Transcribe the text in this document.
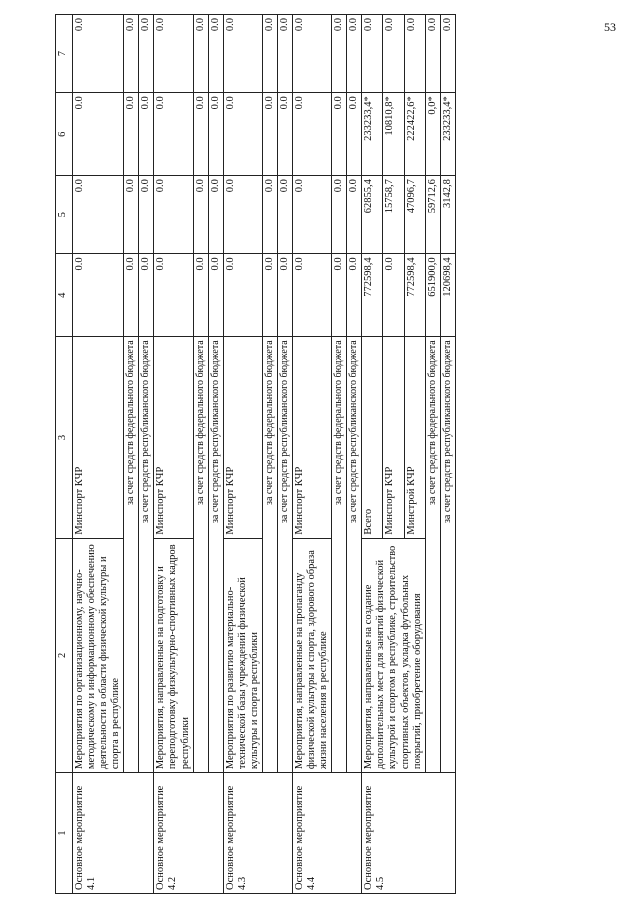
53
1	2	3	4	5	6	7
Основное мероприятие 4.1	Мероприятия по организационному, научно-методическому и информационному обеспечению деятельности в области физической культуры и спорта в республике	Минспорт КЧР	0.0	0.0	0.0	0.0
	за счет средств федерального бюджета		0.0	0.0	0.0	0.0
	за счет средств республиканского бюджета		0.0	0.0	0.0	0.0
Основное мероприятие 4.2	Мероприятия, направленные на подготовку и переподготовку физкультурно-спортивных кадров республики	Минспорт КЧР	0.0	0.0	0.0	0.0
	за счет средств федерального бюджета		0.0	0.0	0.0	0.0
	за счет средств республиканского бюджета		0.0	0.0	0.0	0.0
Основное мероприятие 4.3	Мероприятия по развитию материально-технической базы учреждений физической культуры и спорта республики	Минспорт КЧР	0.0	0.0	0.0	0.0
	за счет средств федерального бюджета		0.0	0.0	0.0	0.0
	за счет средств республиканского бюджета		0.0	0.0	0.0	0.0
Основное мероприятие 4.4	Мероприятия, направленные на пропаганду физической культуры и спорта, здорового образа жизни населения в республике	Минспорт КЧР	0.0	0.0	0.0	0.0
	за счет средств федерального бюджета		0.0	0.0	0.0	0.0
	за счет средств республиканского бюджета		0.0	0.0	0.0	0.0
Основное мероприятие 4.5	Мероприятия, направленные на создание дополнительных мест для занятий физической культурой и спортом в республике, строительство спортивных объектов, укладка футбольных покрытий, приобретение оборудования	Всего	772598,4	62855,4	233233,4*	0.0
		Минспорт КЧР	0.0	15758,7	10810,8*	0.0
		Минстрой КЧР	772598,4	47096,7	222422,6*	0.0
	за счет средств федерального бюджета		651900,0	59712,6	0,0*	0.0
	за счет средств республиканского бюджета		120698,4	3142,8	233233,4*	0.0
